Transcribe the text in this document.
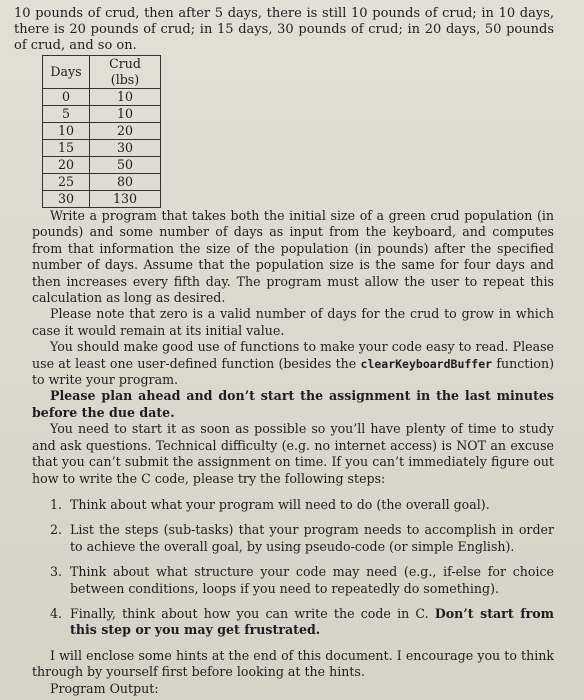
10 pounds of crud, then after 5 days, there is still 10 pounds of crud; in 10 days, there is 20 pounds of crud; in 15 days, 30 pounds of crud; in 20 days, 50 pounds of crud, and so on.

Days	Crud (lbs)
0	10
5	10
10	20
15	30
20	50
25	80
30	130

Write a program that takes both the initial size of a green crud population (in pounds) and some number of days as input from the keyboard, and computes from that information the size of the population (in pounds) after the specified number of days. Assume that the population size is the same for four days and then increases every fifth day. The program must allow the user to repeat this calculation as long as desired.

Please note that zero is a valid number of days for the crud to grow in which case it would remain at its initial value.

You should make good use of functions to make your code easy to read. Please use at least one user-defined function (besides the clearKeyboardBuffer function) to write your program.

Please plan ahead and don’t start the assignment in the last minutes before the due date.

You need to start it as soon as possible so you’ll have plenty of time to study and ask questions. Technical difficulty (e.g. no internet access) is NOT an excuse that you can’t submit the assignment on time. If you can’t immediately figure out how to write the C code, please try the following steps:

1. Think about what your program will need to do (the overall goal).
2. List the steps (sub-tasks) that your program needs to accomplish in order to achieve the overall goal, by using pseudo-code (or simple English).
3. Think about what structure your code may need (e.g., if-else for choice between conditions, loops if you need to repeatedly do something).
4. Finally, think about how you can write the code in C. Don’t start from this step or you may get frustrated.

I will enclose some hints at the end of this document. I encourage you to think through by yourself first before looking at the hints.

Program Output:
